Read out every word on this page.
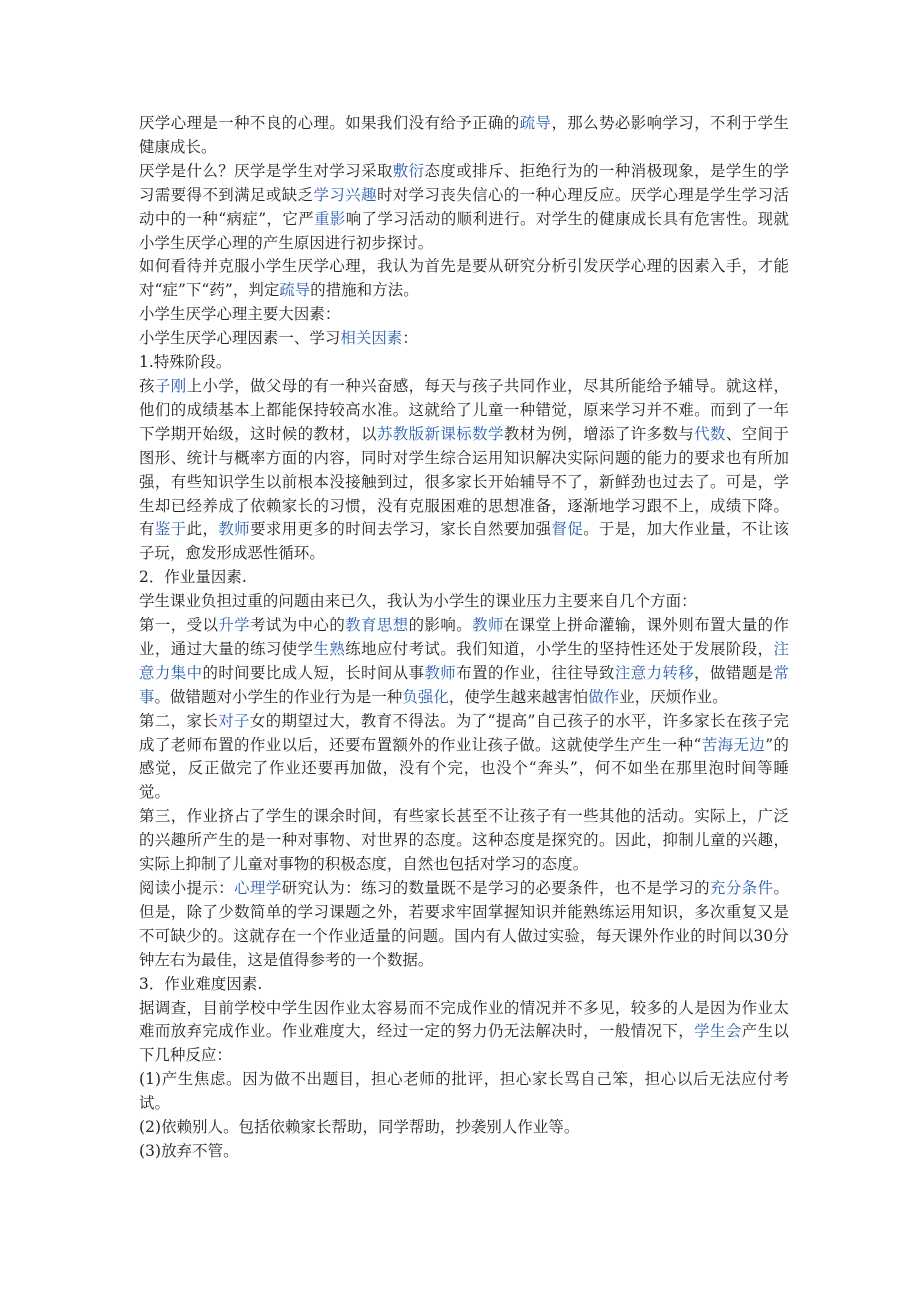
厌学心理是一种不良的心理。如果我们没有给予正确的疏导，那么势必影响学习，不利于学生健康成长。

厌学是什么？厌学是学生对学习采取敷衍态度或排斥、拒绝行为的一种消极现象，是学生的学习需要得不到满足或缺乏学习兴趣时对学习丧失信心的一种心理反应。厌学心理是学生学习活动中的一种“病症”，它严重影响了学习活动的顺利进行。对学生的健康成长具有危害性。现就小学生厌学心理的产生原因进行初步探讨。

如何看待并克服小学生厌学心理，我认为首先是要从研究分析引发厌学心理的因素入手，才能对“症”下“药”，判定疏导的措施和方法。

小学生厌学心理主要大因素：

小学生厌学心理因素一、学习相关因素：

1.特殊阶段。

孩子刚上小学，做父母的有一种兴奋感，每天与孩子共同作业，尽其所能给予辅导。就这样，他们的成绩基本上都能保持较高水准。这就给了儿童一种错觉，原来学习并不难。而到了一年下学期开始级，这时候的教材，以苏教版新课标数学教材为例，增添了许多数与代数、空间于图形、统计与概率方面的内容，同时对学生综合运用知识解决实际问题的能力的要求也有所加强，有些知识学生以前根本没接触到过，很多家长开始辅导不了，新鲜劲也过去了。可是，学生却已经养成了依赖家长的习惯，没有克服困难的思想准备，逐渐地学习跟不上，成绩下降。有鉴于此，教师要求用更多的时间去学习，家长自然要加强督促。于是，加大作业量，不让该子玩，愈发形成恶性循环。

2．作业量因素.

学生课业负担过重的问题由来已久，我认为小学生的课业压力主要来自几个方面：

第一，受以升学考试为中心的教育思想的影响。教师在课堂上拼命灌输，课外则布置大量的作业，通过大量的练习使学生熟练地应付考试。我们知道，小学生的坚持性还处于发展阶段，注意力集中的时间要比成人短，长时间从事教师布置的作业，往往导致注意力转移，做错题是常事。做错题对小学生的作业行为是一种负强化，使学生越来越害怕做作业，厌烦作业。

第二，家长对子女的期望过大，教育不得法。为了“提高”自己孩子的水平，许多家长在孩子完成了老师布置的作业以后，还要布置额外的作业让孩子做。这就使学生产生一种“苦海无边”的感觉，反正做完了作业还要再加做，没有个完，也没个“奔头”，何不如坐在那里泡时间等睡觉。

第三，作业挤占了学生的课余时间，有些家长甚至不让孩子有一些其他的活动。实际上，广泛的兴趣所产生的是一种对事物、对世界的态度。这种态度是探究的。因此，抑制儿童的兴趣，实际上抑制了儿童对事物的积极态度，自然也包括对学习的态度。

阅读小提示：心理学研究认为：练习的数量既不是学习的必要条件，也不是学习的充分条件。但是，除了少数简单的学习课题之外，若要求牢固掌握知识并能熟练运用知识，多次重复又是不可缺少的。这就存在一个作业适量的问题。国内有人做过实验，每天课外作业的时间以30分钟左右为最佳，这是值得参考的一个数据。

3．作业难度因素.

据调查，目前学校中学生因作业太容易而不完成作业的情况并不多见，较多的人是因为作业太难而放弃完成作业。作业难度大，经过一定的努力仍无法解决时，一般情况下，学生会产生以下几种反应：

(1)产生焦虑。因为做不出题目，担心老师的批评，担心家长骂自己笨，担心以后无法应付考试。

(2)依赖别人。包括依赖家长帮助，同学帮助，抄袭别人作业等。

(3)放弃不管。
